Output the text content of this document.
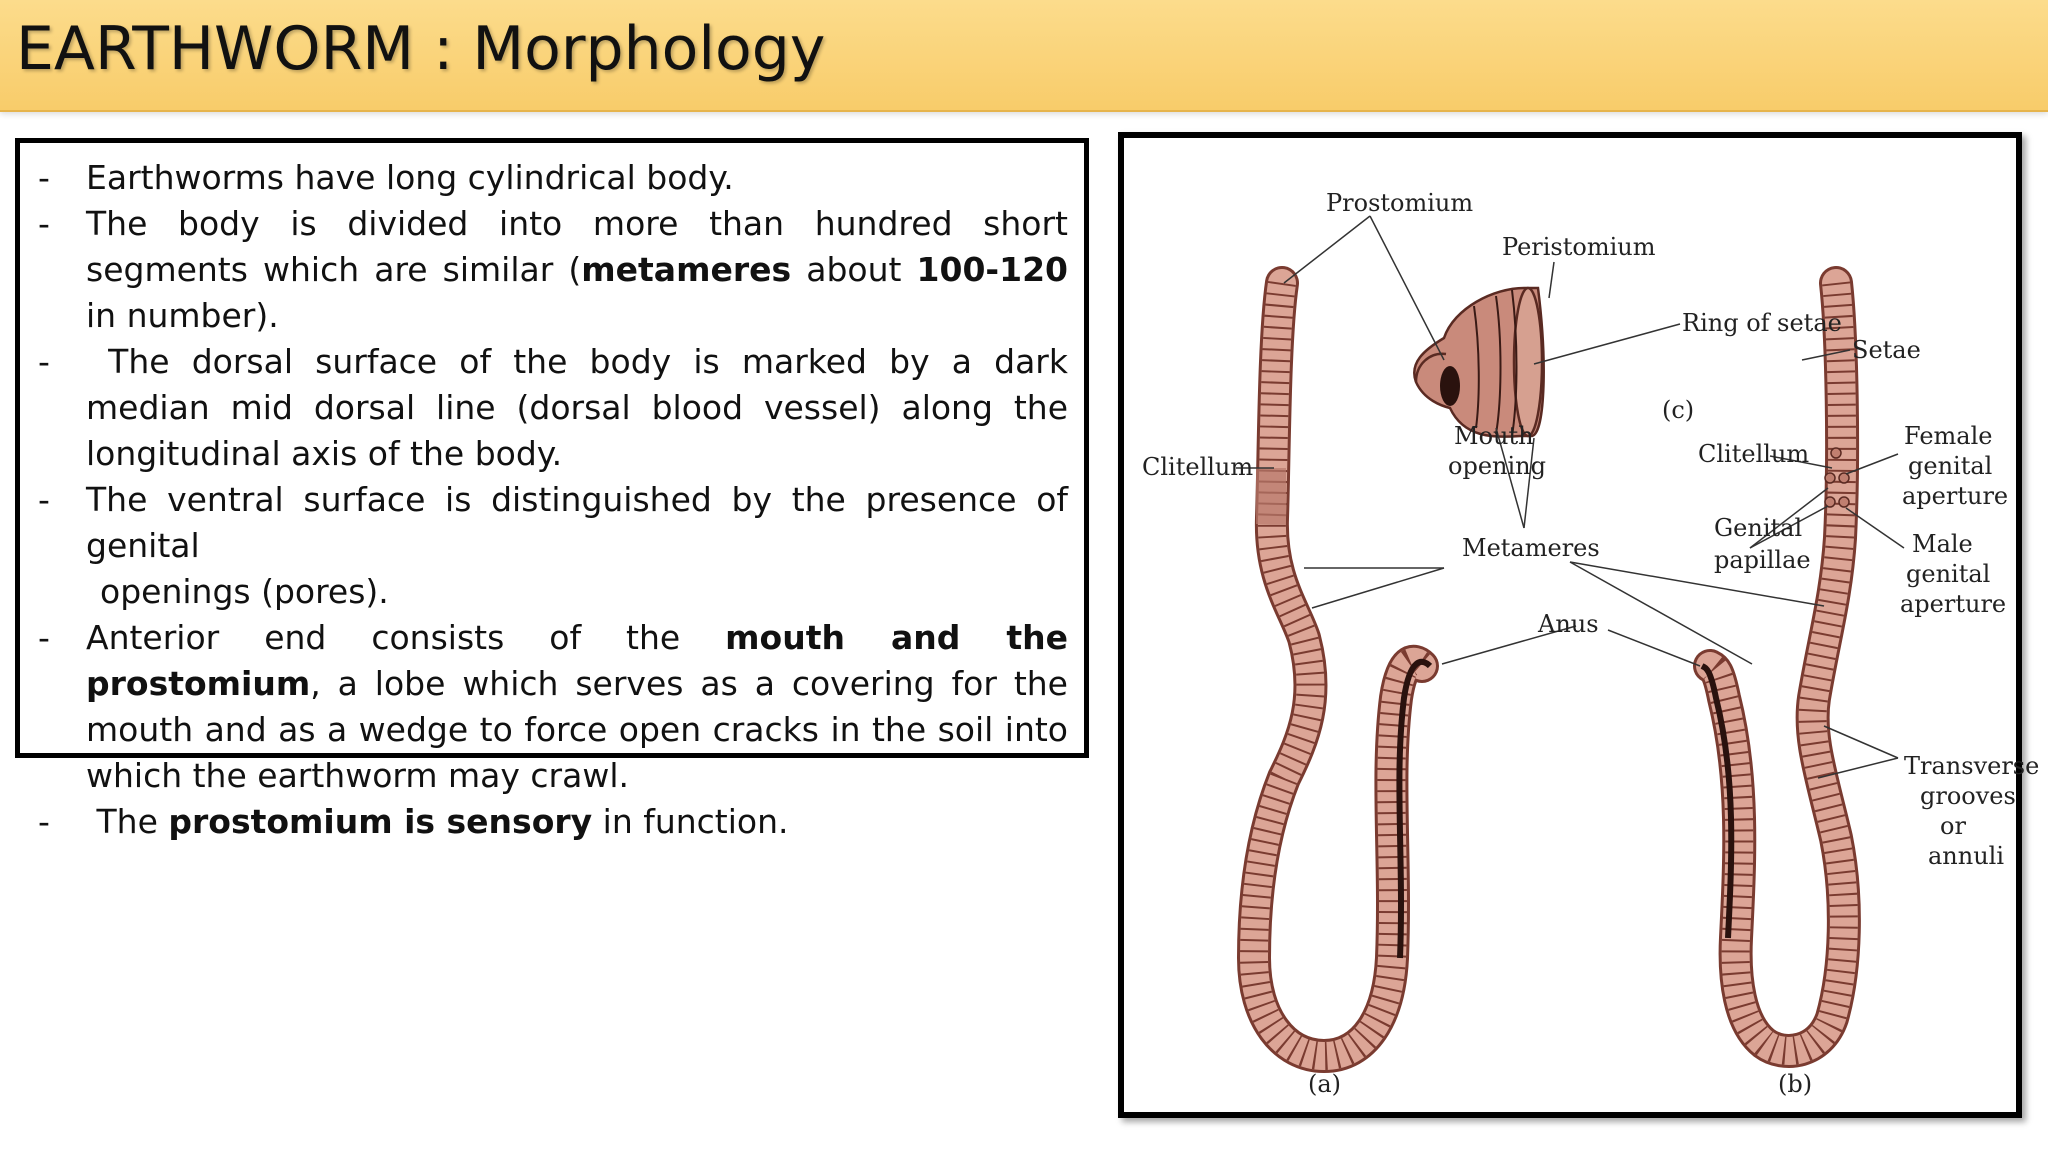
EARTHWORM : Morphology
- Earthworms have long cylindrical body.
- The body is divided into more than hundred short segments which are similar (metameres about 100-120 in number).
- The dorsal surface of the body is marked by a dark median mid dorsal line (dorsal blood vessel) along the longitudinal axis of the body.
- The ventral surface is distinguished by the presence of genital
openings (pores).
- Anterior end consists of the mouth and the prostomium, a lobe which serves as a covering for the mouth and as a wedge to force open cracks in the soil into which the earthworm may crawl.
- The prostomium is sensory in function.
Prostomium
Peristomium
Ring of setae
(c)
Mouth
opening
Clitellum	Clitellum
Setae
Female
genital
aperture
Genital
papillae
Male
genital
aperture
Metameres
Anus
Transverse
grooves
or
annuli
(a)	(b)
